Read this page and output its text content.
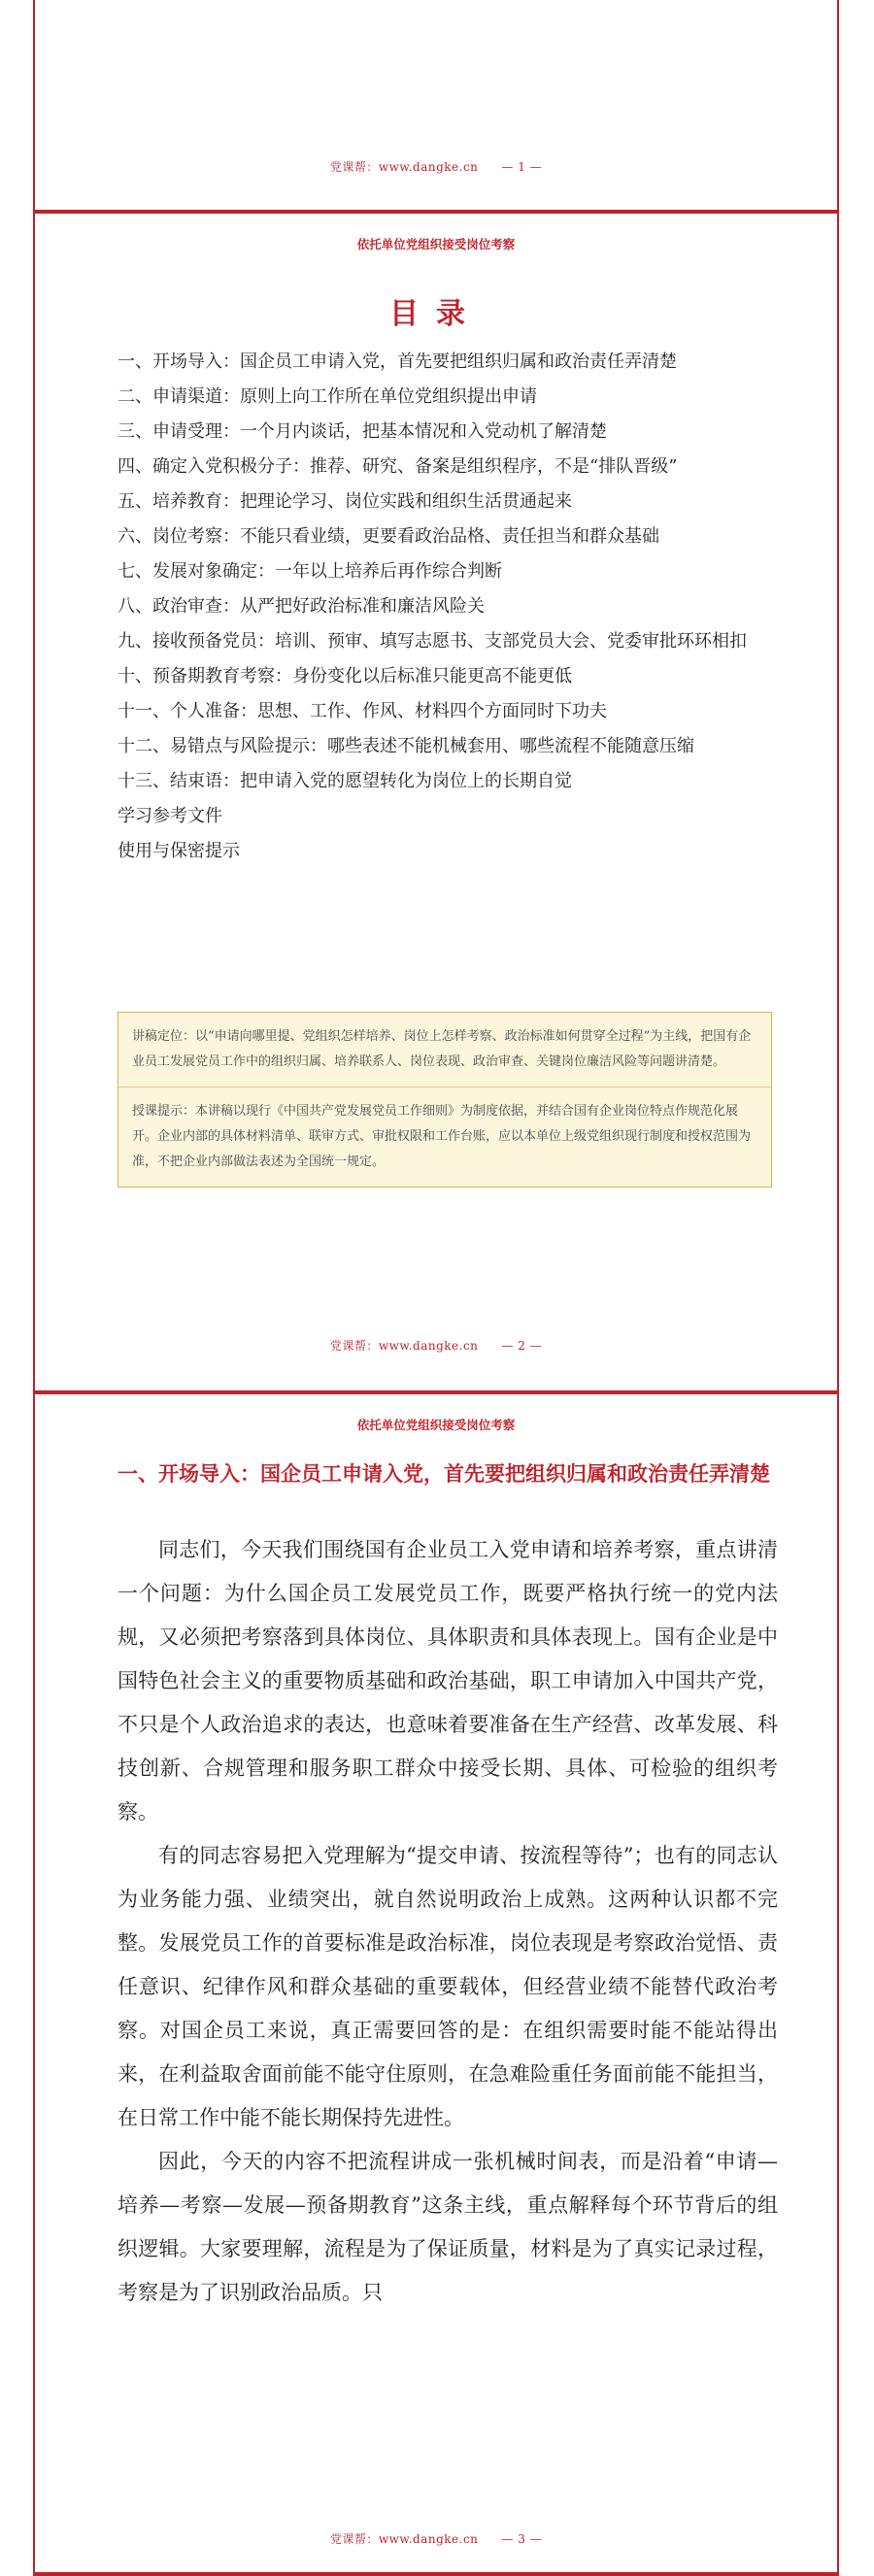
党课帮：www.dangke.cn — 1 —
依托单位党组织接受岗位考察
目录
一、开场导入：国企员工申请入党，首先要把组织归属和政治责任弄清楚
二、申请渠道：原则上向工作所在单位党组织提出申请
三、申请受理：一个月内谈话，把基本情况和入党动机了解清楚
四、确定入党积极分子：推荐、研究、备案是组织程序，不是“排队晋级”
五、培养教育：把理论学习、岗位实践和组织生活贯通起来
六、岗位考察：不能只看业绩，更要看政治品格、责任担当和群众基础
七、发展对象确定：一年以上培养后再作综合判断
八、政治审查：从严把好政治标准和廉洁风险关
九、接收预备党员：培训、预审、填写志愿书、支部党员大会、党委审批环环相扣
十、预备期教育考察：身份变化以后标准只能更高不能更低
十一、个人准备：思想、工作、作风、材料四个方面同时下功夫
十二、易错点与风险提示：哪些表述不能机械套用、哪些流程不能随意压缩
十三、结束语：把申请入党的愿望转化为岗位上的长期自觉
学习参考文件
使用与保密提示
讲稿定位：以“申请向哪里提、党组织怎样培养、岗位上怎样考察、政治标准如何贯穿全过程”为主线，把国有企业员工发展党员工作中的组织归属、培养联系人、岗位表现、政治审查、关键岗位廉洁风险等问题讲清楚。
授课提示：本讲稿以现行《中国共产党发展党员工作细则》为制度依据，并结合国有企业岗位特点作规范化展开。企业内部的具体材料清单、联审方式、审批权限和工作台账，应以本单位上级党组织现行制度和授权范围为准，不把企业内部做法表述为全国统一规定。
党课帮：www.dangke.cn — 2 —
依托单位党组织接受岗位考察
一、开场导入：国企员工申请入党，首先要把组织归属和政治责任弄清楚

同志们，今天我们围绕国有企业员工入党申请和培养考察，重点讲清一个问题：为什么国企员工发展党员工作，既要严格执行统一的党内法规，又必须把考察落到具体岗位、具体职责和具体表现上。国有企业是中国特色社会主义的重要物质基础和政治基础，职工申请加入中国共产党，不只是个人政治追求的表达，也意味着要准备在生产经营、改革发展、科技创新、合规管理和服务职工群众中接受长期、具体、可检验的组织考察。

有的同志容易把入党理解为“提交申请、按流程等待”；也有的同志认为业务能力强、业绩突出，就自然说明政治上成熟。这两种认识都不完整。发展党员工作的首要标准是政治标准，岗位表现是考察政治觉悟、责任意识、纪律作风和群众基础的重要载体，但经营业绩不能替代政治考察。对国企员工来说，真正需要回答的是：在组织需要时能不能站得出来，在利益取舍面前能不能守住原则，在急难险重任务面前能不能担当，在日常工作中能不能长期保持先进性。

因此，今天的内容不把流程讲成一张机械时间表，而是沿着“申请—培养—考察—发展—预备期教育”这条主线，重点解释每个环节背后的组织逻辑。大家要理解，流程是为了保证质量，材料是为了真实记录过程，考察是为了识别政治品质。只

党课帮：www.dangke.cn — 3 —
